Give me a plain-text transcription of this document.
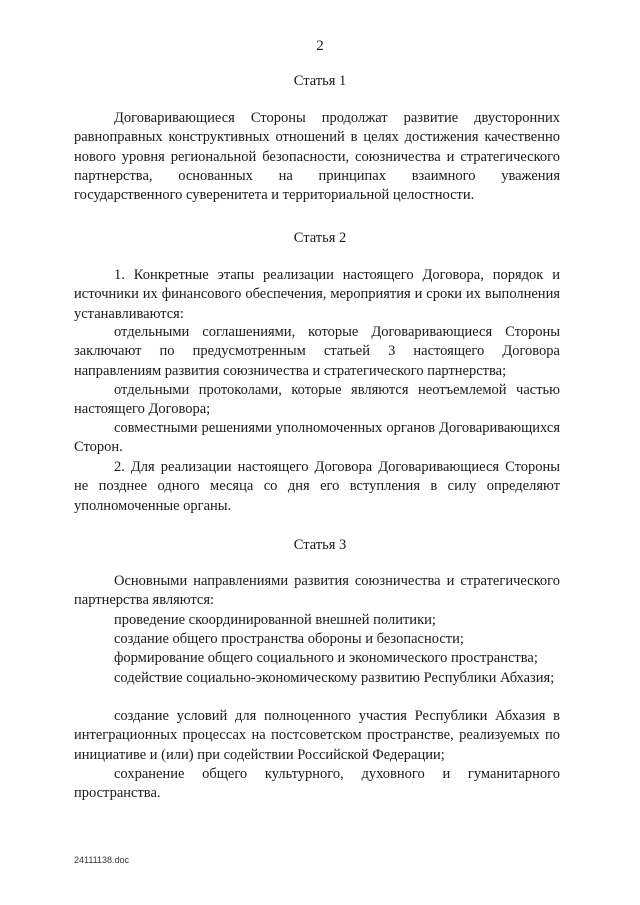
2
Статья 1

Договаривающиеся Стороны продолжат развитие двусторонних равноправных конструктивных отношений в целях достижения качественно нового уровня региональной безопасности, союзничества и стратегического партнерства, основанных на принципах взаимного уважения государственного суверенитета и территориальной целостности.

Статья 2

1. Конкретные этапы реализации настоящего Договора, порядок и источники их финансового обеспечения, мероприятия и сроки их выполнения устанавливаются:

отдельными соглашениями, которые Договаривающиеся Стороны заключают по предусмотренным статьей 3 настоящего Договора направлениям развития союзничества и стратегического партнерства;

отдельными протоколами, которые являются неотъемлемой частью настоящего Договора;

совместными решениями уполномоченных органов Договаривающихся Сторон.

2. Для реализации настоящего Договора Договаривающиеся Стороны не позднее одного месяца со дня его вступления в силу определяют уполномоченные органы.

Статья 3

Основными направлениями развития союзничества и стратегического партнерства являются:

проведение скоординированной внешней политики;

создание общего пространства обороны и безопасности;

формирование общего социального и экономического пространства;

содействие социально-экономическому развитию Республики Абхазия;

создание условий для полноценного участия Республики Абхазия в интеграционных процессах на постсоветском пространстве, реализуемых по инициативе и (или) при содействии Российской Федерации;

сохранение общего культурного, духовного и гуманитарного пространства.

24111138.doc
